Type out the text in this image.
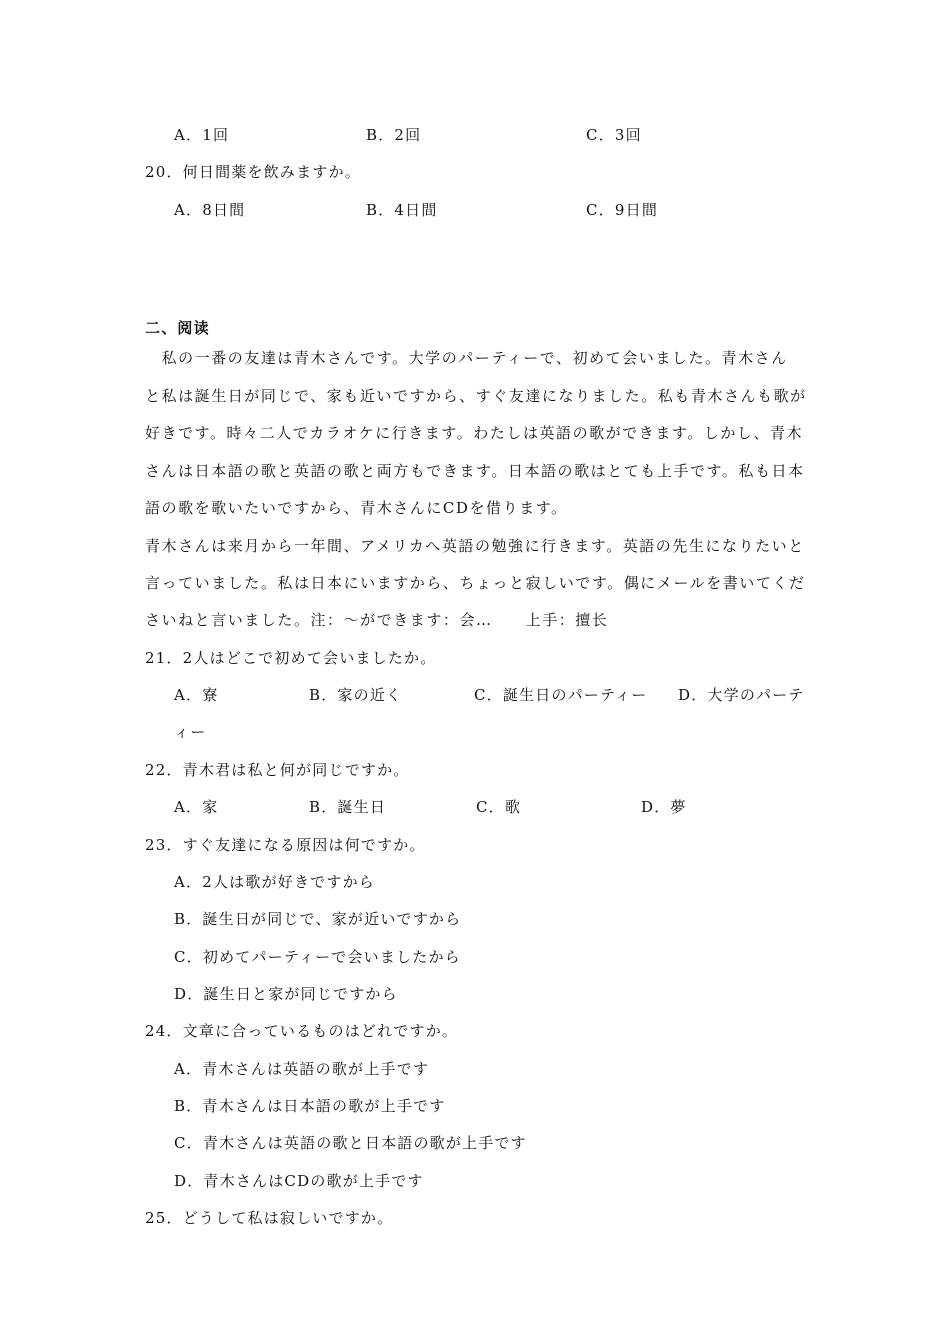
A．1回	B．2回	C．3回
20．何日間薬を飲みますか。
A．8日間	B．4日間	C．9日間
二、阅读
　私の一番の友達は青木さんです。大学のパーティーで、初めて会いました。青木さん
と私は誕生日が同じで、家も近いですから、すぐ友達になりました。私も青木さんも歌が
好きです。時々二人でカラオケに行きます。わたしは英語の歌ができます。しかし、青木
さんは日本語の歌と英語の歌と両方もできます。日本語の歌はとても上手です。私も日本
語の歌を歌いたいですから、青木さんにCDを借ります。
青木さんは来月から一年間、アメリカへ英語の勉強に行きます。英語の先生になりたいと
言っていました。私は日本にいますから、ちょっと寂しいです。偶にメールを書いてくだ
さいねと言いました。注：～ができます：会…　　上手：擅长
21．2人はどこで初めて会いましたか。
A．寮	B．家の近く	C．誕生日のパーティー D．大学のパーテ
ィー
22．青木君は私と何が同じですか。
A．家	B．誕生日	C．歌	D．夢
23．すぐ友達になる原因は何ですか。
A．2人は歌が好きですから
B．誕生日が同じで、家が近いですから
C．初めてパーティーで会いましたから
D．誕生日と家が同じですから
24．文章に合っているものはどれですか。
A．青木さんは英語の歌が上手です
B．青木さんは日本語の歌が上手です
C．青木さんは英語の歌と日本語の歌が上手です
D．青木さんはCDの歌が上手です
25．どうして私は寂しいですか。
